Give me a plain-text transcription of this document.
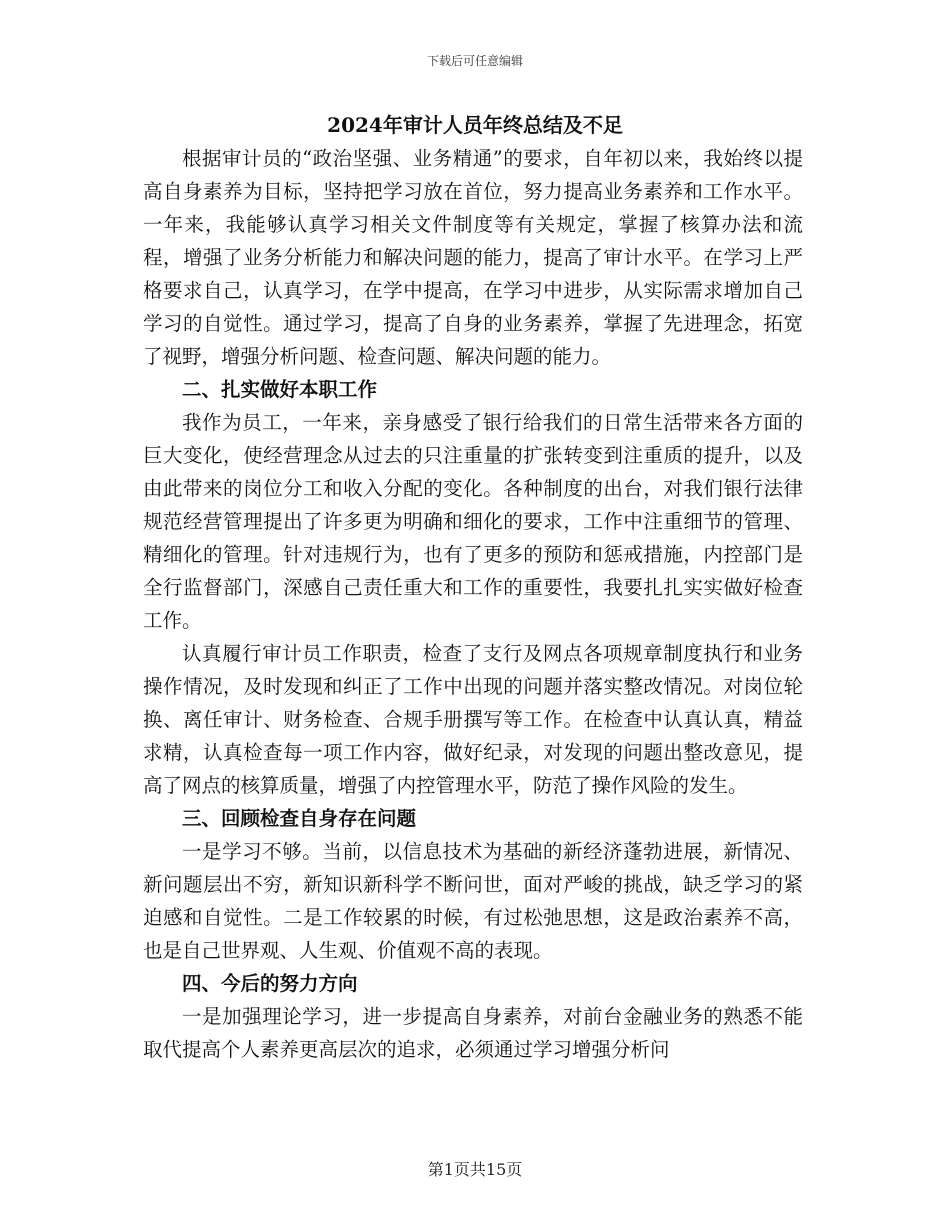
下载后可任意编辑
2024年审计人员年终总结及不足

根据审计员的“政治坚强、业务精通”的要求，自年初以来，我始终以提高自身素养为目标，坚持把学习放在首位，努力提高业务素养和工作水平。一年来，我能够认真学习相关文件制度等有关规定，掌握了核算办法和流程，增强了业务分析能力和解决问题的能力，提高了审计水平。在学习上严格要求自己，认真学习，在学中提高，在学习中进步，从实际需求增加自己学习的自觉性。通过学习，提高了自身的业务素养，掌握了先进理念，拓宽了视野，增强分析问题、检查问题、解决问题的能力。

二、扎实做好本职工作

我作为员工，一年来，亲身感受了银行给我们的日常生活带来各方面的巨大变化，使经营理念从过去的只注重量的扩张转变到注重质的提升，以及由此带来的岗位分工和收入分配的变化。各种制度的出台，对我们银行法律规范经营管理提出了许多更为明确和细化的要求，工作中注重细节的管理、精细化的管理。针对违规行为，也有了更多的预防和惩戒措施，内控部门是全行监督部门，深感自己责任重大和工作的重要性，我要扎扎实实做好检查工作。

认真履行审计员工作职责，检查了支行及网点各项规章制度执行和业务操作情况，及时发现和纠正了工作中出现的问题并落实整改情况。对岗位轮换、离任审计、财务检查、合规手册撰写等工作。在检查中认真认真，精益求精，认真检查每一项工作内容，做好纪录，对发现的问题出整改意见，提高了网点的核算质量，增强了内控管理水平，防范了操作风险的发生。

三、回顾检查自身存在问题

一是学习不够。当前，以信息技术为基础的新经济蓬勃进展，新情况、新问题层出不穷，新知识新科学不断问世，面对严峻的挑战，缺乏学习的紧迫感和自觉性。二是工作较累的时候，有过松弛思想，这是政治素养不高，也是自己世界观、人生观、价值观不高的表现。

四、今后的努力方向

一是加强理论学习，进一步提高自身素养，对前台金融业务的熟悉不能取代提高个人素养更高层次的追求，必须通过学习增强分析问

第1页共15页
